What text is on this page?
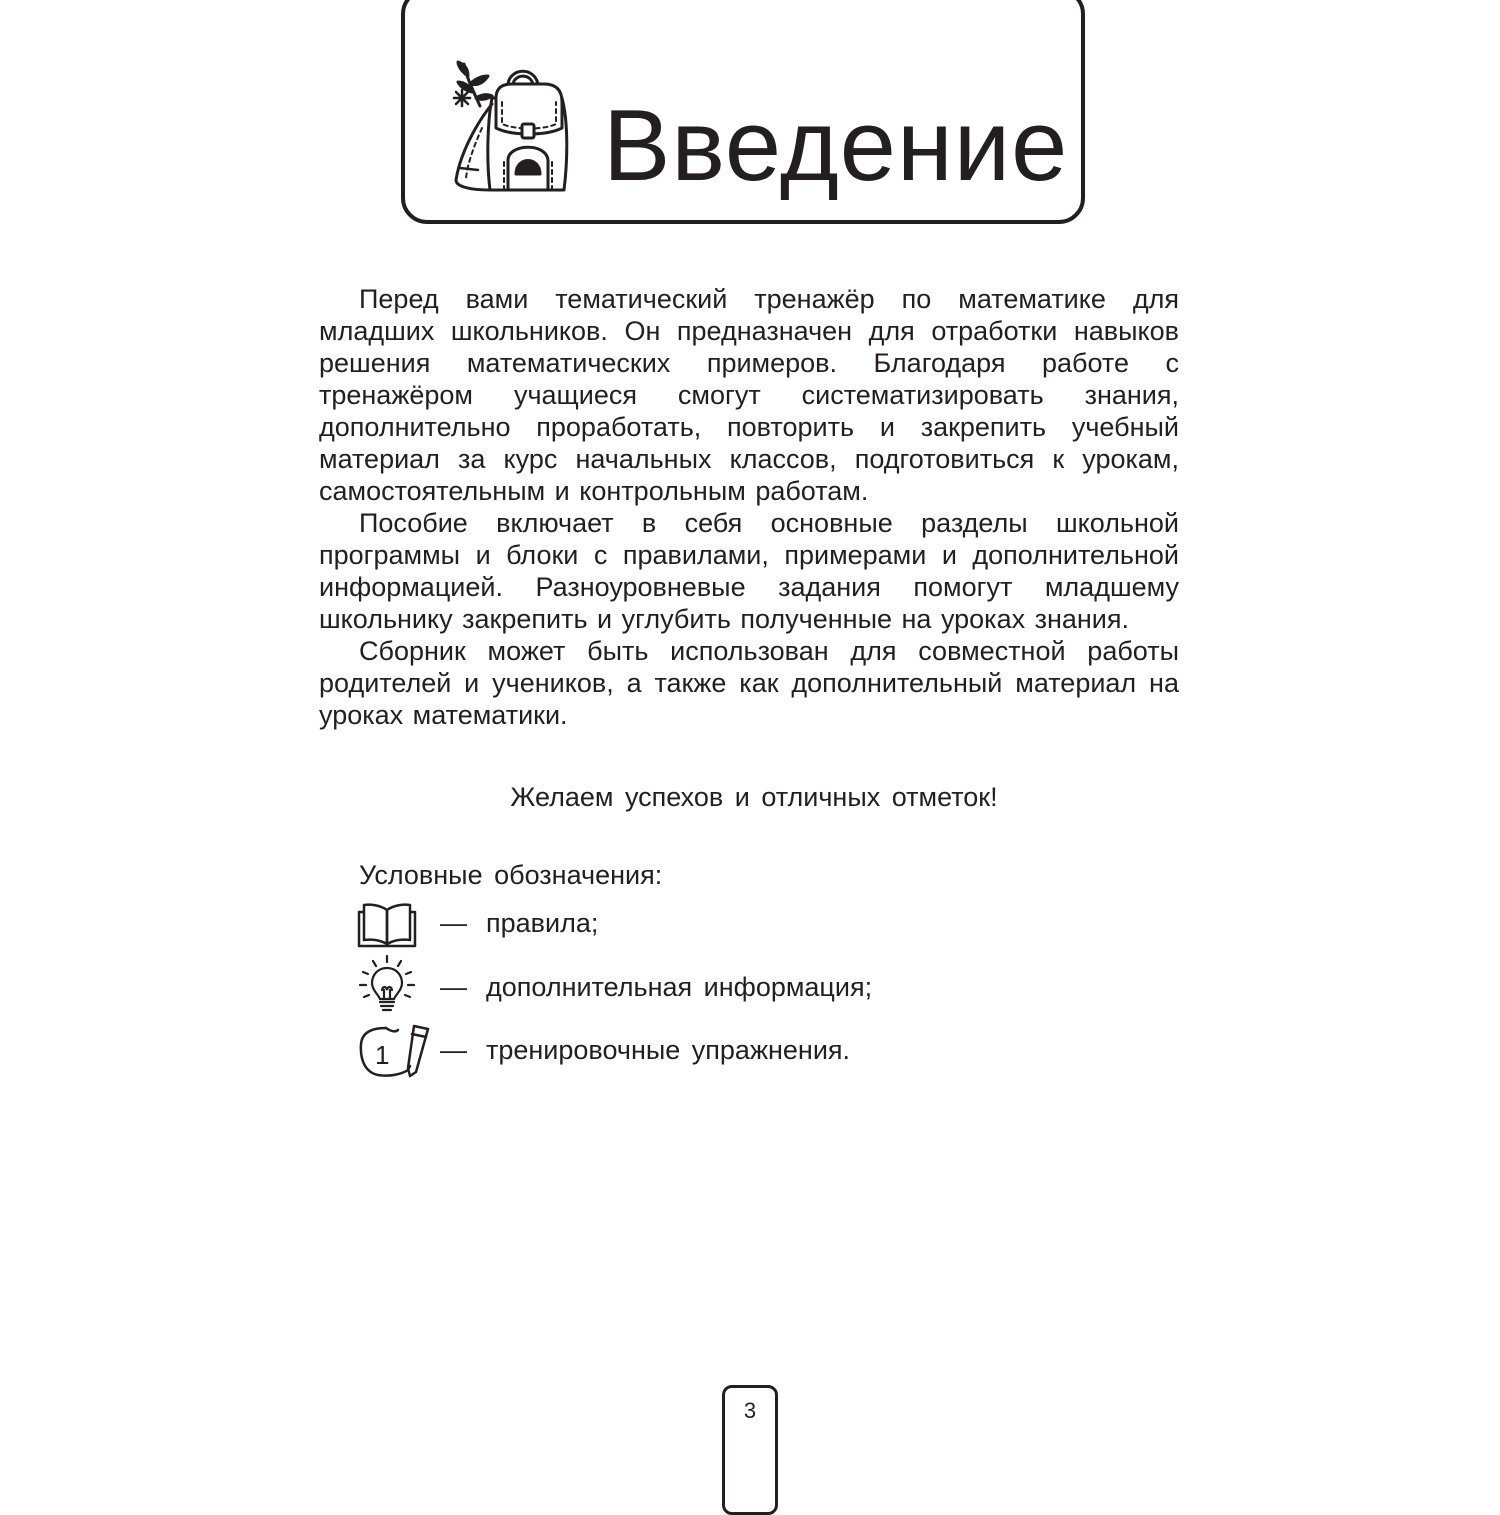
Введение

Перед вами тематический тренажёр по математике для младших школьников. Он предназначен для отработки навыков решения математических примеров. Благодаря работе с тренажёром учащиеся смогут систематизировать знания, дополнительно проработать, повторить и закрепить учебный материал за курс начальных классов, подготовиться к урокам, самостоятельным и контрольным работам.

Пособие включает в себя основные разделы школьной программы и блоки с правилами, примерами и дополнительной информацией. Разноуровневые задания помогут младшему школьнику закрепить и углубить полученные на уроках знания.

Сборник может быть использован для совместной работы родителей и учеников, а также как дополнительный материал на уроках математики.

Желаем успехов и отличных отметок!
Условные обозначения:
— правила;
— дополнительная информация;
1 — тренировочные упражнения.
3
